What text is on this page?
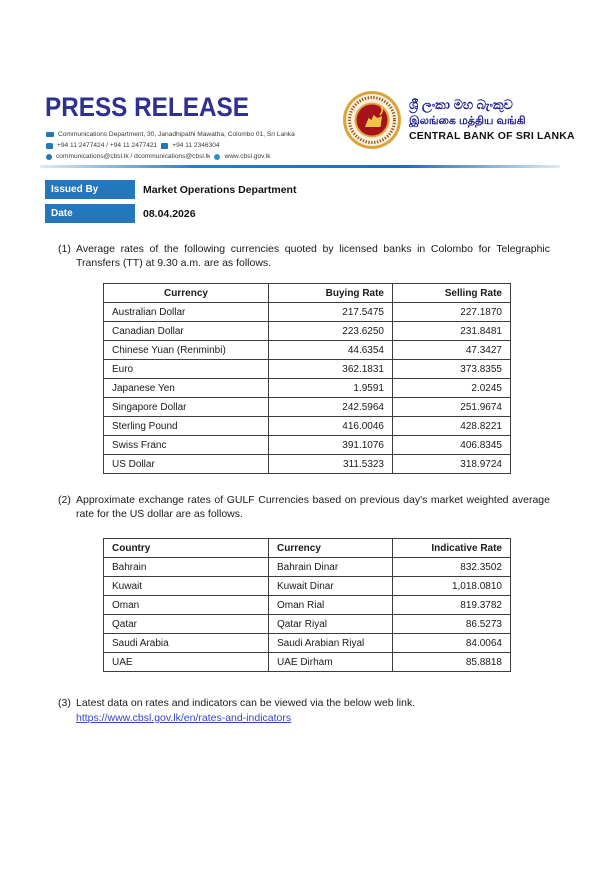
PRESS RELEASE
Communications Department, 30, Janadhipathi Mawatha, Colombo 01, Sri Lanka
+94 11 2477424 / +94 11 2477421 +94 11 2346304
communications@cbsl.lk / dcommunications@cbsl.lk www.cbsl.gov.lk
ශ්‍රී ලංකා මහ බැංකුව
இலங்கை மத்திய வங்கி
CENTRAL BANK OF SRI LANKA
Issued By	Market Operations Department
Date	08.04.2026
(1) Average rates of the following currencies quoted by licensed banks in Colombo for Telegraphic Transfers (TT) at 9.30 a.m. are as follows.
Currency	Buying Rate	Selling Rate
Australian Dollar	217.5475	227.1870
Canadian Dollar	223.6250	231.8481
Chinese Yuan (Renminbi)	44.6354	47.3427
Euro	362.1831	373.8355
Japanese Yen	1.9591	2.0245
Singapore Dollar	242.5964	251.9674
Sterling Pound	416.0046	428.8221
Swiss Franc	391.1076	406.8345
US Dollar	311.5323	318.9724
(2) Approximate exchange rates of GULF Currencies based on previous day's market weighted average rate for the US dollar are as follows.
Country	Currency	Indicative Rate
Bahrain	Bahrain Dinar	832.3502
Kuwait	Kuwait Dinar	1,018.0810
Oman	Oman Rial	819.3782
Qatar	Qatar Riyal	86.5273
Saudi Arabia	Saudi Arabian Riyal	84.0064
UAE	UAE Dirham	85.8818
(3) Latest data on rates and indicators can be viewed via the below web link.
https://www.cbsl.gov.lk/en/rates-and-indicators
